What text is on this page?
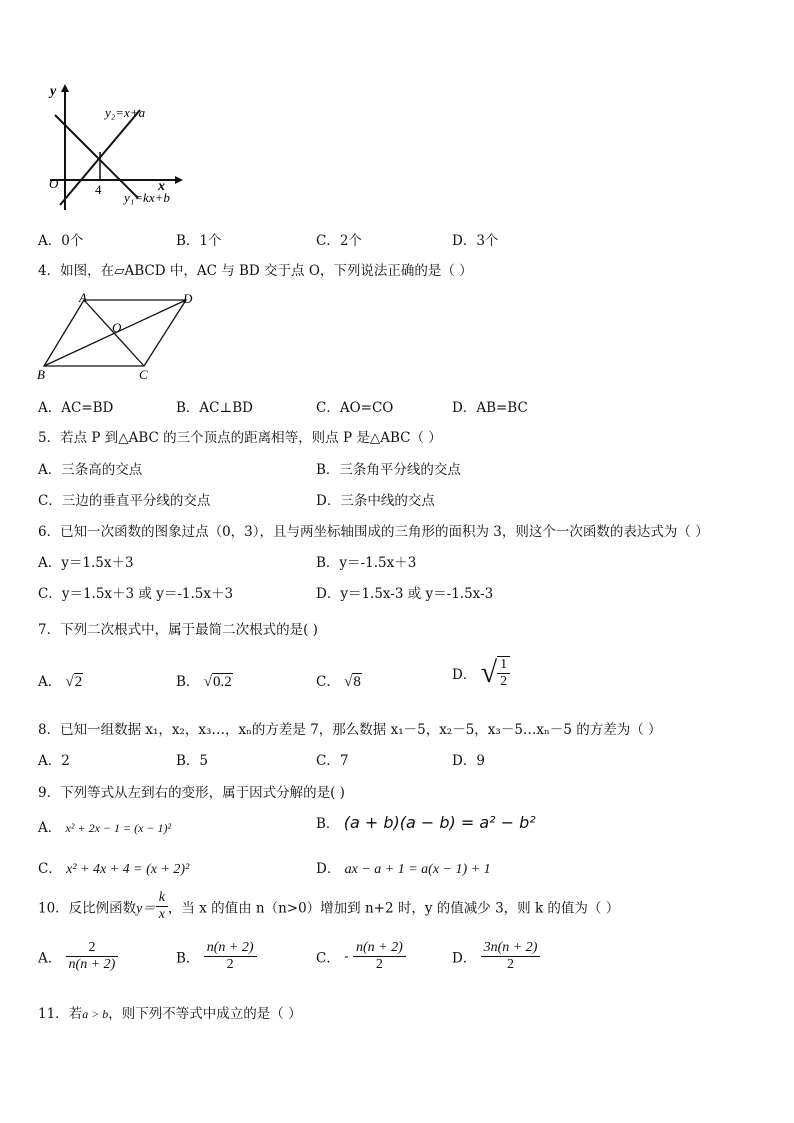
y
x
O	4
y₂=x+a
y₁=kx+b
A．0个	B．1个	C．2个	D．3个
4．如图，在▱ABCD 中，AC 与 BD 交于点 O，下列说法正确的是（ ）
A	D
O
B	C
A．AC=BD	B．AC⊥BD	C．AO=CO	D．AB=BC
5．若点 P 到△ABC 的三个顶点的距离相等，则点 P 是△ABC（ ）
A．三条高的交点	B．三条角平分线的交点
C．三边的垂直平分线的交点	D．三条中线的交点
6．已知一次函数的图象过点（0，3），且与两坐标轴围成的三角形的面积为 3，则这个一次函数的表达式为（ ）
A．y＝1.5x＋3	B．y＝-1.5x＋3
C．y＝1.5x＋3 或 y＝-1.5x＋3	D．y＝1.5x-3 或 y＝-1.5x-3
7．下列二次根式中，属于最简二次根式的是( )
A． √2	B． √0.2	C． √8	D． √ $\frac{1}{2}$
8．已知一组数据 x₁，x₂，x₃…，xₙ的方差是 7，那么数据 x₁－5，x₂－5，x₃－5…xₙ－5 的方差为（ ）
A．2	B．5	C．7	D．9
9．下列等式从左到右的变形，属于因式分解的是( )
A． x² + 2x − 1 = (x − 1)²	B． (a + b)(a − b) = a² − b²
C． x² + 4x + 4 = (x + 2)²	D． ax − a + 1 = a(x − 1) + 1
10．反比例函数$y= \frac{k}{x}$ ，当 x 的值由 n（n>0）增加到 n+2 时，y 的值减少 3，则 k 的值为（ ）
A． $\frac{2}{n(n + 2)}$	B． $\frac{n(n + 2)}{2}$	C． - $\frac{n(n + 2)}{2}$	D． $\frac{3n(n + 2)}{2}$
11．若a > b，则下列不等式中成立的是（ ）
